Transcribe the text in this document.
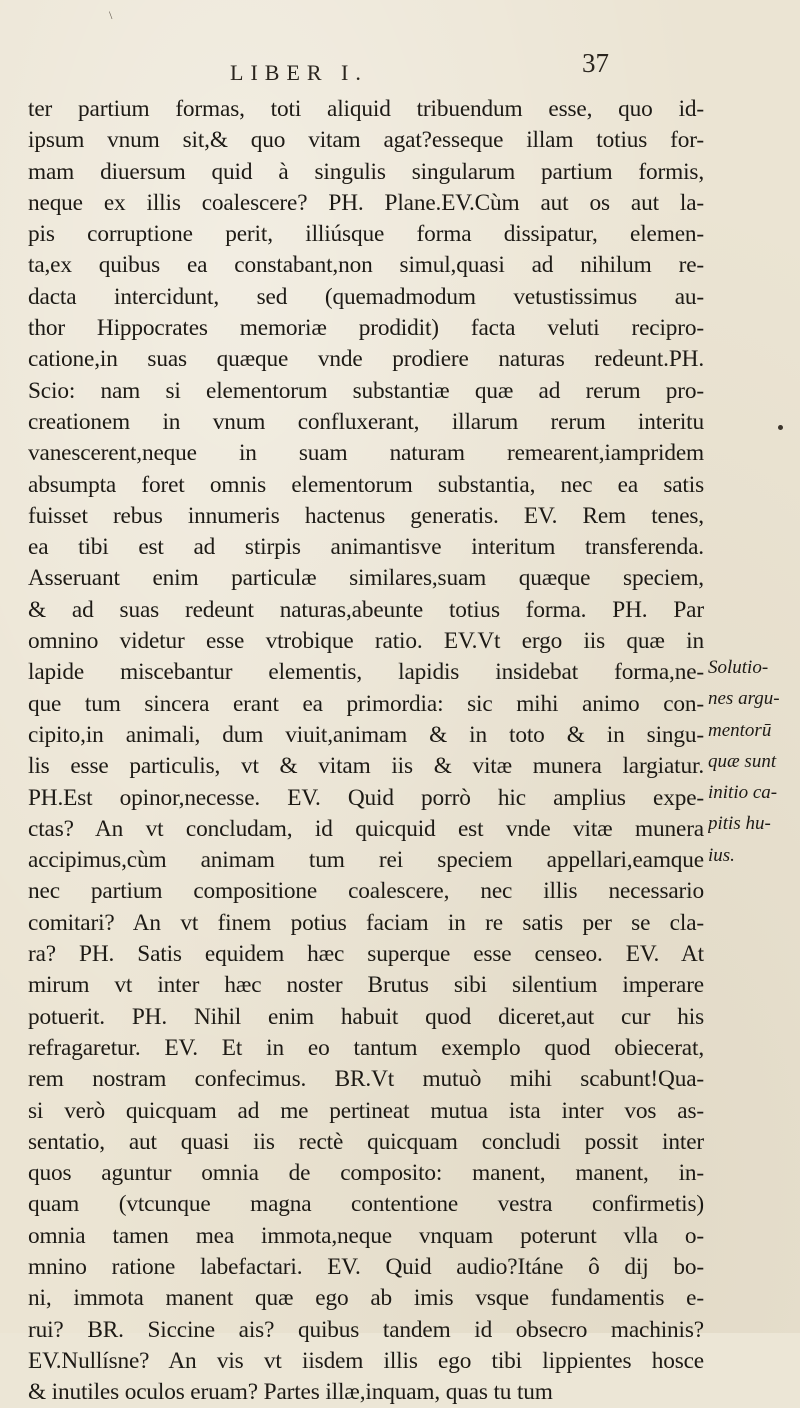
\
LIBER I.	37
ter partium formas, toti aliquid tribuendum esse, quo id-
ipsum vnum sit,& quo vitam agat?esseque illam totius for-
mam diuersum quid à singulis singularum partium formis,
neque ex illis coalescere? PH. Plane.EV.Cùm aut os aut la-
pis corruptione perit, illiúsque forma dissipatur, elemen-
ta,ex quibus ea constabant,non simul,quasi ad nihilum re-
dacta intercidunt, sed (quemadmodum vetustissimus au-
thor Hippocrates memoriæ prodidit) facta veluti recipro-
catione,in suas quæque vnde prodiere naturas redeunt.PH.
Scio: nam si elementorum substantiæ quæ ad rerum pro-
creationem in vnum confluxerant, illarum rerum interitu
vanescerent,neque in suam naturam remearent,iampridem
absumpta foret omnis elementorum substantia, nec ea satis
fuisset rebus innumeris hactenus generatis. EV. Rem tenes,
ea tibi est ad stirpis animantisve interitum transferenda.
Asseruant enim particulæ similares,suam quæque speciem,
& ad suas redeunt naturas,abeunte totius forma. PH. Par
omnino videtur esse vtrobique ratio. EV.Vt ergo iis quæ in
lapide miscebantur elementis, lapidis insidebat forma,ne-
que tum sincera erant ea primordia: sic mihi animo con-
cipito,in animali, dum viuit,animam & in toto & in singu-
lis esse particulis, vt & vitam iis & vitæ munera largiatur.
PH.Est opinor,necesse. EV. Quid porrò hic amplius expe-
ctas? An vt concludam, id quicquid est vnde vitæ munera
accipimus,cùm animam tum rei speciem appellari,eamque
nec partium compositione coalescere, nec illis necessario
comitari? An vt finem potius faciam in re satis per se cla-
ra? PH. Satis equidem hæc superque esse censeo. EV. At
mirum vt inter hæc noster Brutus sibi silentium imperare
potuerit. PH. Nihil enim habuit quod diceret,aut cur his
refragaretur. EV. Et in eo tantum exemplo quod obiecerat,
rem nostram confecimus. BR.Vt mutuò mihi scabunt!Qua-
si verò quicquam ad me pertineat mutua ista inter vos as-
sentatio, aut quasi iis rectè quicquam concludi possit inter
quos aguntur omnia de composito: manent, manent, in-
quam (vtcunque magna contentione vestra confirmetis)
omnia tamen mea immota,neque vnquam poterunt vlla o-
mnino ratione labefactari. EV. Quid audio?Itáne ô dij bo-
ni, immota manent quæ ego ab imis vsque fundamentis e-
rui? BR. Siccine ais? quibus tandem id obsecro machinis?
EV.Nullísne? An vis vt iisdem illis ego tibi lippientes hosce
& inutiles oculos eruam? Partes illæ,inquam, quas tu tum
Solutio-
nes argu-
mentorū
quæ sunt
initio ca-
pitis hu-
ius.
